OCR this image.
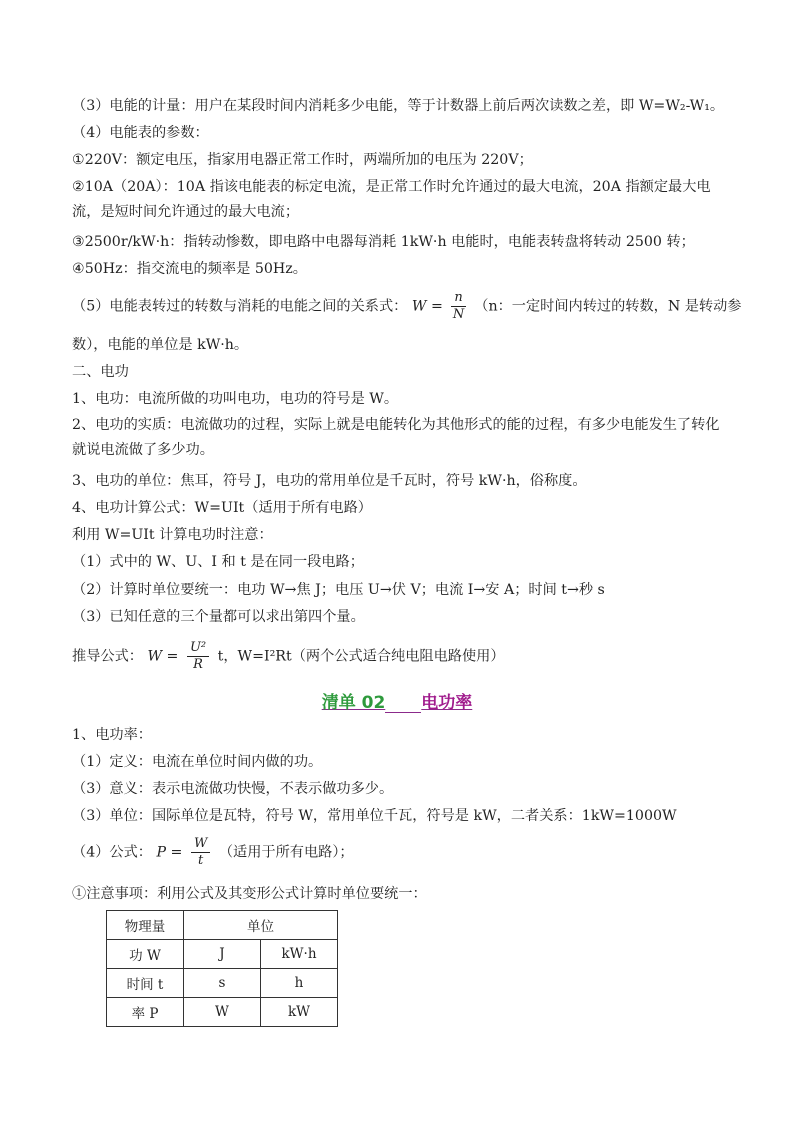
（3）电能的计量：用户在某段时间内消耗多少电能，等于计数器上前后两次读数之差，即 W=W₂-W₁。
（4）电能表的参数：
①220V：额定电压，指家用电器正常工作时，两端所加的电压为 220V；
②10A（20A）：10A 指该电能表的标定电流，是正常工作时允许通过的最大电流，20A 指额定最大电流，是短时间允许通过的最大电流；
③2500r/kW·h：指转动惨数，即电路中电器每消耗 1kW·h 电能时，电能表转盘将转动 2500 转；
④50Hz：指交流电的频率是 50Hz。
（5）电能表转过的转数与消耗的电能之间的关系式： $W = \frac{n}{N} (n$：一定时间内转过的转数，N 是转动参
数），电能的单位是 kW·h。
二、电功
1、电功：电流所做的功叫电功，电功的符号是 W。
2、电功的实质：电流做功的过程，实际上就是电能转化为其他形式的能的过程，有多少电能发生了转化就说电流做了多少功。
3、电功的单位：焦耳，符号 J，电功的常用单位是千瓦时，符号 kW·h，俗称度。
4、电功计算公式：W=UIt（适用于所有电路）
利用 W=UIt 计算电功时注意：
（1）式中的 W、U、I 和 t 是在同一段电路；
（2）计算时单位要统一：电功 W→焦 J；电压 U→伏 V；电流 I→安 A；时间 t→秒 s
（3）已知任意的三个量都可以求出第四个量。
推导公式： $W = \frac{\text{U²}}{R}$ t，W=I²Rt（两个公式适合纯电阻电路使用）
清单 02 电功率
1、电功率：
（1）定义：电流在单位时间内做的功。
（3）意义：表示电流做功快慢，不表示做功多少。
（3）单位：国际单位是瓦特，符号 W，常用单位千瓦，符号是 kW，二者关系：1kW=1000W
（4）公式： $P = \frac{W}{t}$ （适用于所有电路）；
①注意事项：利用公式及其变形公式计算时单位要统一：
物理量	单位	
功 W	J	kW·h
时间 t	s	h
率 P	W	kW
